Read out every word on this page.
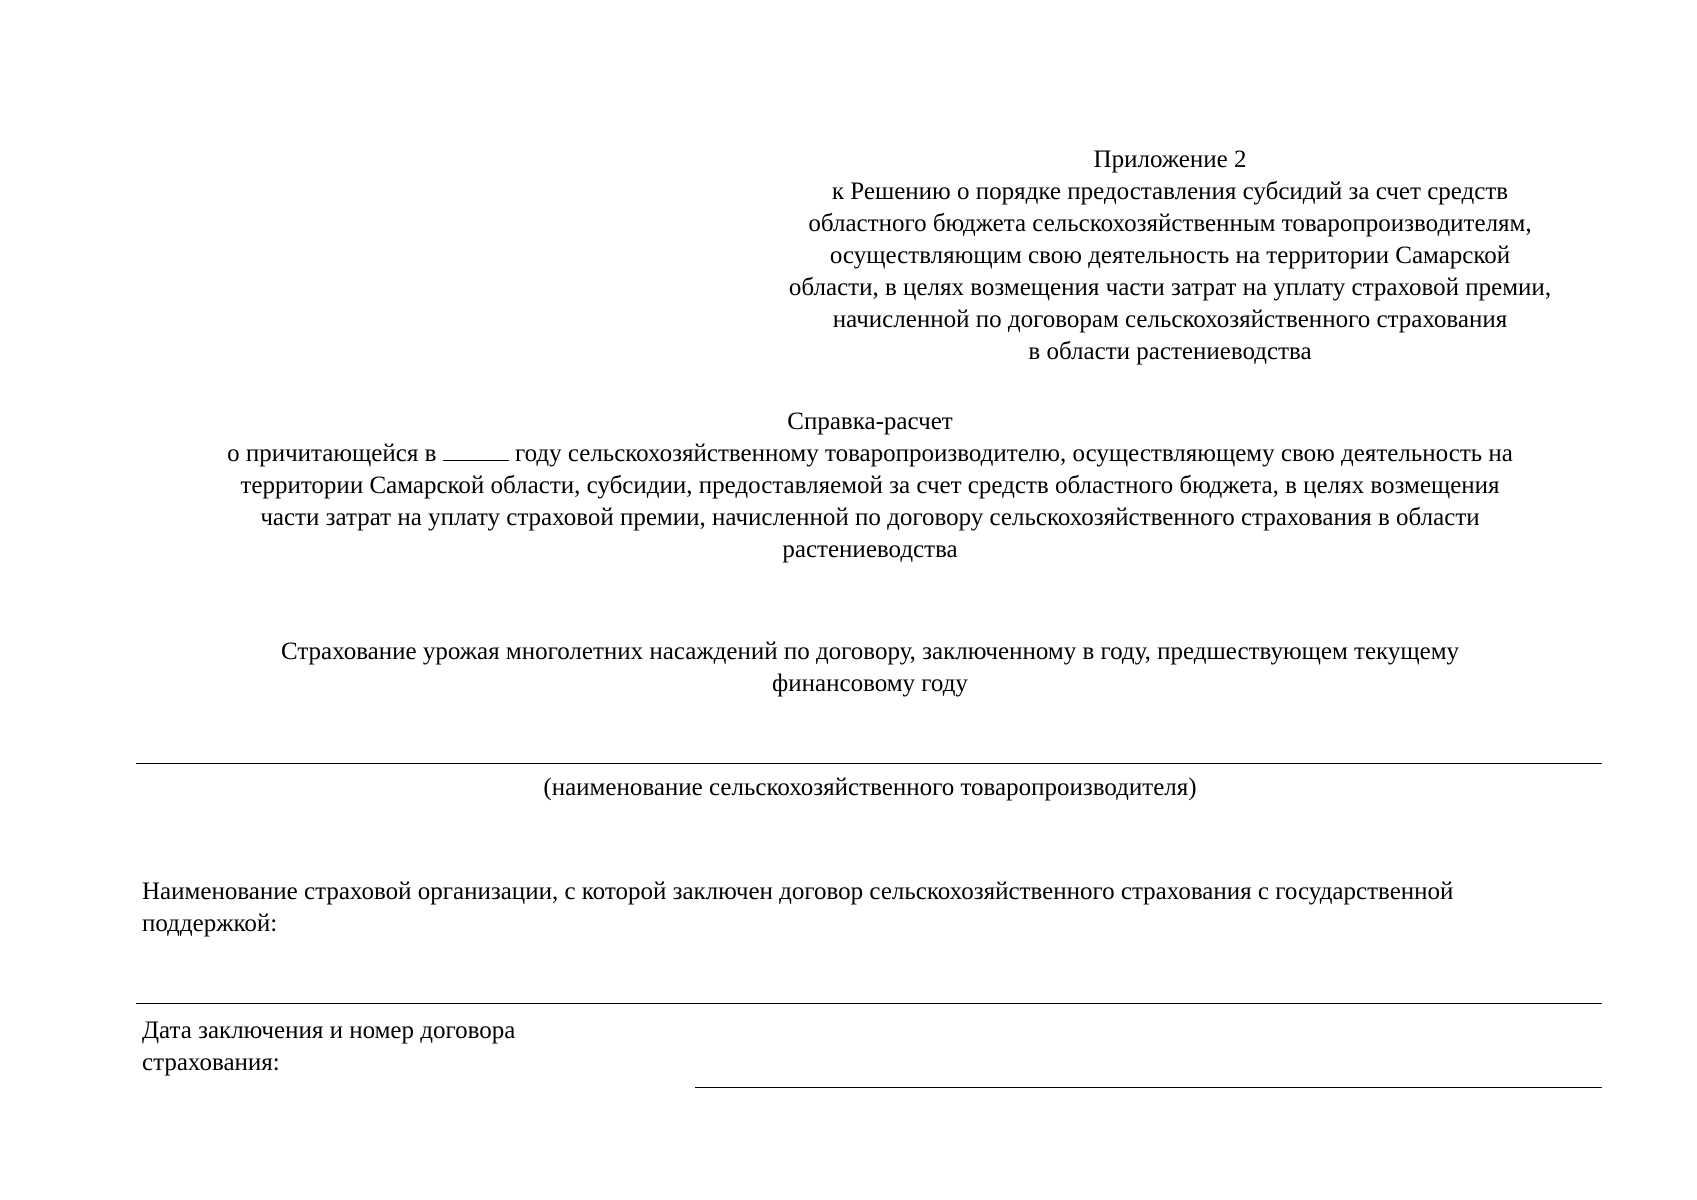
Приложение 2
к Решению о порядке предоставления субсидий за счет средств
областного бюджета сельскохозяйственным товаропроизводителям,
осуществляющим свою деятельность на территории Самарской
области, в целях возмещения части затрат на уплату страховой премии,
начисленной по договорам сельскохозяйственного страхования
в области растениеводства
Справка-расчет
о причитающейся в	году сельскохозяйственному товаропроизводителю, осуществляющему свою деятельность на
территории Самарской области, субсидии, предоставляемой за счет средств областного бюджета, в целях возмещения
части затрат на уплату страховой премии, начисленной по договору сельскохозяйственного страхования в области
растениеводства
Страхование урожая многолетних насаждений по договору, заключенному в году, предшествующем текущему
финансовому году
(наименование сельскохозяйственного товаропроизводителя)
Наименование страховой организации, с которой заключен договор сельскохозяйственного страхования с государственной
поддержкой:
Дата заключения и номер договора
страхования:
